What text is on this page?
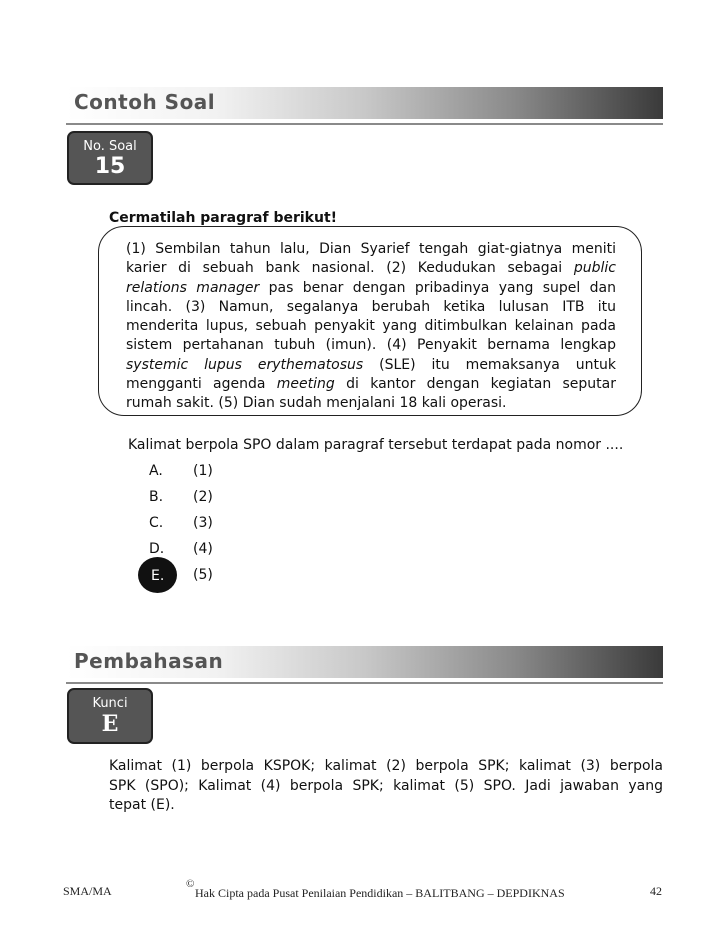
Contoh Soal
No. Soal
15
Cermatilah paragraf berikut!
(1) Sembilan tahun lalu, Dian Syarief tengah giat-giatnya meniti
karier di sebuah bank nasional. (2) Kedudukan sebagai public
relations manager pas benar dengan pribadinya yang supel dan
lincah. (3) Namun, segalanya berubah ketika lulusan ITB itu
menderita lupus, sebuah penyakit yang ditimbulkan kelainan pada
sistem pertahanan tubuh (imun). (4) Penyakit bernama lengkap
systemic lupus erythematosus (SLE) itu memaksanya untuk
mengganti agenda meeting di kantor dengan kegiatan seputar
rumah sakit. (5) Dian sudah menjalani 18 kali operasi.
Kalimat berpola SPO dalam paragraf tersebut terdapat pada nomor ....
A. (1)
B. (2)
C. (3)
D. (4)
E. (5)
Pembahasan
Kunci
E
Kalimat (1) berpola KSPOK; kalimat (2) berpola SPK; kalimat (3) berpola
SPK (SPO); Kalimat (4) berpola SPK; kalimat (5) SPO. Jadi jawaban yang
tepat (E).
SMA/MA	©
Hak Cipta pada Pusat Penilaian Pendidikan – BALITBANG – DEPDIKNAS	42
